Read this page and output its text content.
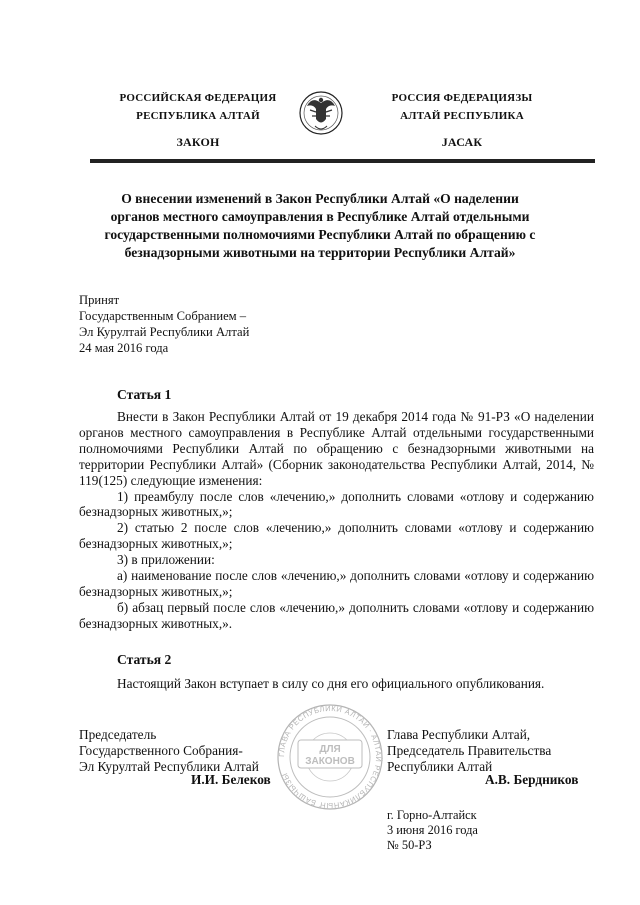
РОССИЙСКАЯ ФЕДЕРАЦИЯ
РЕСПУБЛИКА АЛТАЙ
ЗАКОН
РОССИЯ ФЕДЕРАЦИЯЗЫ
АЛТАЙ РЕСПУБЛИКА
JАСАК
О внесении изменений в Закон Республики Алтай «О наделении органов местного самоуправления в Республике Алтай отдельными государственными полномочиями Республики Алтай по обращению с безнадзорными животными на территории Республики Алтай»
Принят
Государственным Собранием –
Эл Курултай Республики Алтай
24 мая 2016 года
Статья 1

Внести в Закон Республики Алтай от 19 декабря 2014 года № 91-РЗ «О наделении органов местного самоуправления в Республике Алтай отдельными государственными полномочиями Республики Алтай по обращению с безнадзорными животными на территории Республики Алтай» (Сборник законодательства Республики Алтай, 2014, № 119(125) следующие изменения:

1) преамбулу после слов «лечению,» дополнить словами «отлову и содержанию безнадзорных животных,»;

2) статью 2 после слов «лечению,» дополнить словами «отлову и содержанию безнадзорных животных,»;

3) в приложении:

а) наименование после слов «лечению,» дополнить словами «отлову и содержанию безнадзорных животных,»;

б) абзац первый после слов «лечению,» дополнить словами «отлову и содержанию безнадзорных животных,».

Статья 2

Настоящий Закон вступает в силу со дня его официального опубликования.

ГЛАВА РЕСПУБЛИКИ АЛТАЙ · АЛТАЙ РЕСПУБЛИКАНЫҤ БАШЧЫЗЫ
ДЛЯ
ЗАКОНОВ
Председатель
Государственного Собрания-
Эл Курултай Республики Алтай
И.И. Белеков
Глава Республики Алтай,
Председатель Правительства
Республики Алтай
А.В. Бердников
г. Горно-Алтайск
3 июня 2016 года
№ 50-РЗ
